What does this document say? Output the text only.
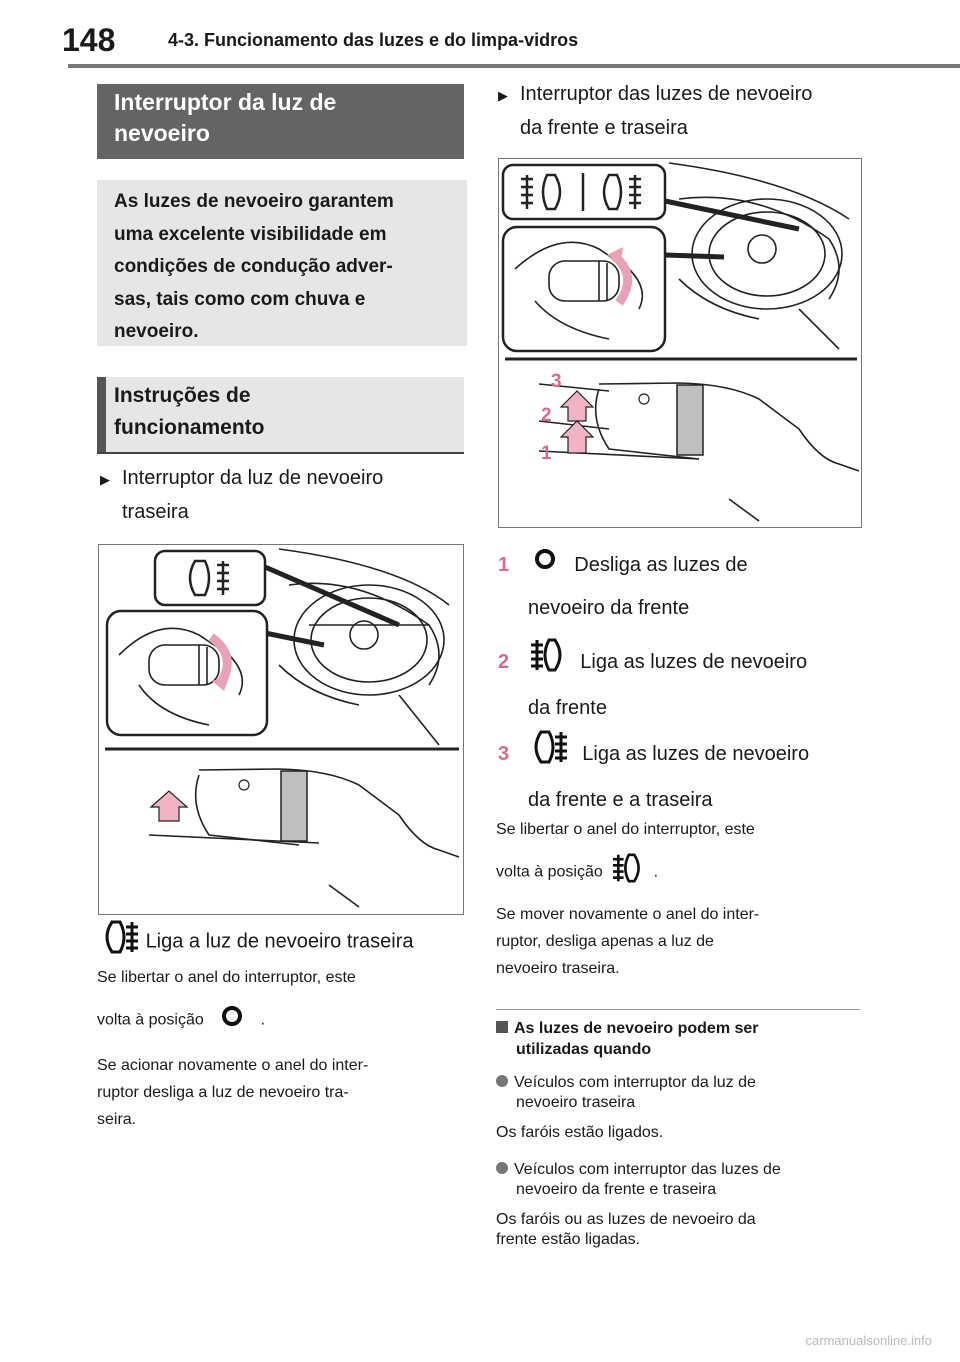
148	4-3. Funcionamento das luzes e do limpa-vidros
Interruptor da luz de
nevoeiro
As luzes de nevoeiro garantem
uma excelente visibilidade em
condições de condução adver-
sas, tais como com chuva e
nevoeiro.
Instruções de
funcionamento
▶ Interruptor da luz de nevoeiro
traseira
Liga a luz de nevoeiro traseira
Se libertar o anel do interruptor, este
volta à posição	.
Se acionar novamente o anel do inter-
ruptor desliga a luz de nevoeiro tra-
seira.
▶ Interruptor das luzes de nevoeiro
da frente e traseira
3
2
1
1	Desliga as luzes de
nevoeiro da frente
2	Liga as luzes de nevoeiro
da frente
3	Liga as luzes de nevoeiro
da frente e a traseira
Se libertar o anel do interruptor, este
volta à posição	.
Se mover novamente o anel do inter-
ruptor, desliga apenas a luz de
nevoeiro traseira.
As luzes de nevoeiro podem ser
utilizadas quando
Veículos com interruptor da luz de
nevoeiro traseira
Os faróis estão ligados.
Veículos com interruptor das luzes de
nevoeiro da frente e traseira
Os faróis ou as luzes de nevoeiro da
frente estão ligadas.
carmanualsonline.info
